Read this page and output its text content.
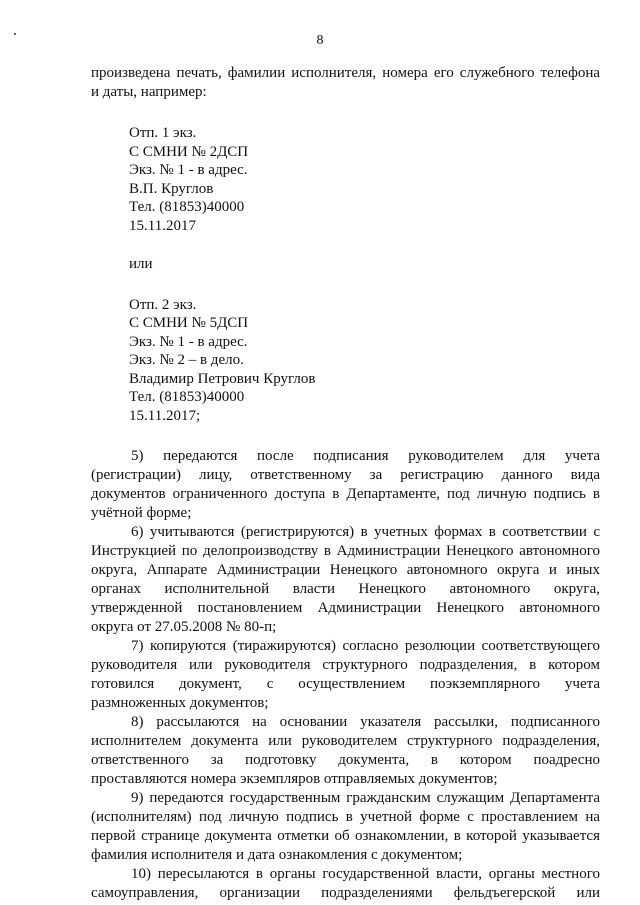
8
произведена печать, фамилии исполнителя, номера его служебного телефона
и даты, например:
Отп. 1 экз.
С СМНИ № 2ДСП
Экз. № 1 - в адрес.
В.П. Круглов
Тел. (81853)40000
15.11.2017
или
Отп. 2 экз.
С СМНИ № 5ДСП
Экз. № 1 - в адрес.
Экз. № 2 – в дело.
Владимир Петрович Круглов
Тел. (81853)40000
15.11.2017;
5) передаются после подписания руководителем для учета
(регистрации) лицу, ответственному за регистрацию данного вида
документов ограниченного доступа в Департаменте, под личную подпись в
учётной форме;
6) учитываются (регистрируются) в учетных формах в соответствии с
Инструкцией по делопроизводству в Администрации Ненецкого автономного
округа, Аппарате Администрации Ненецкого автономного округа и иных
органах исполнительной власти Ненецкого автономного округа,
утвержденной постановлением Администрации Ненецкого автономного
округа от 27.05.2008 № 80-п;
7) копируются (тиражируются) согласно резолюции соответствующего
руководителя или руководителя структурного подразделения, в котором
готовился документ, с осуществлением поэкземплярного учета
размноженных документов;
8) рассылаются на основании указателя рассылки, подписанного
исполнителем документа или руководителем структурного подразделения,
ответственного за подготовку документа, в котором поадресно
проставляются номера экземпляров отправляемых документов;
9) передаются государственным гражданским служащим Департамента
(исполнителям) под личную подпись в учетной форме с проставлением на
первой странице документа отметки об ознакомлении, в которой указывается
фамилия исполнителя и дата ознакомления с документом;
10) пересылаются в органы государственной власти, органы местного
самоуправления, организации подразделениями фельдъегерской или
